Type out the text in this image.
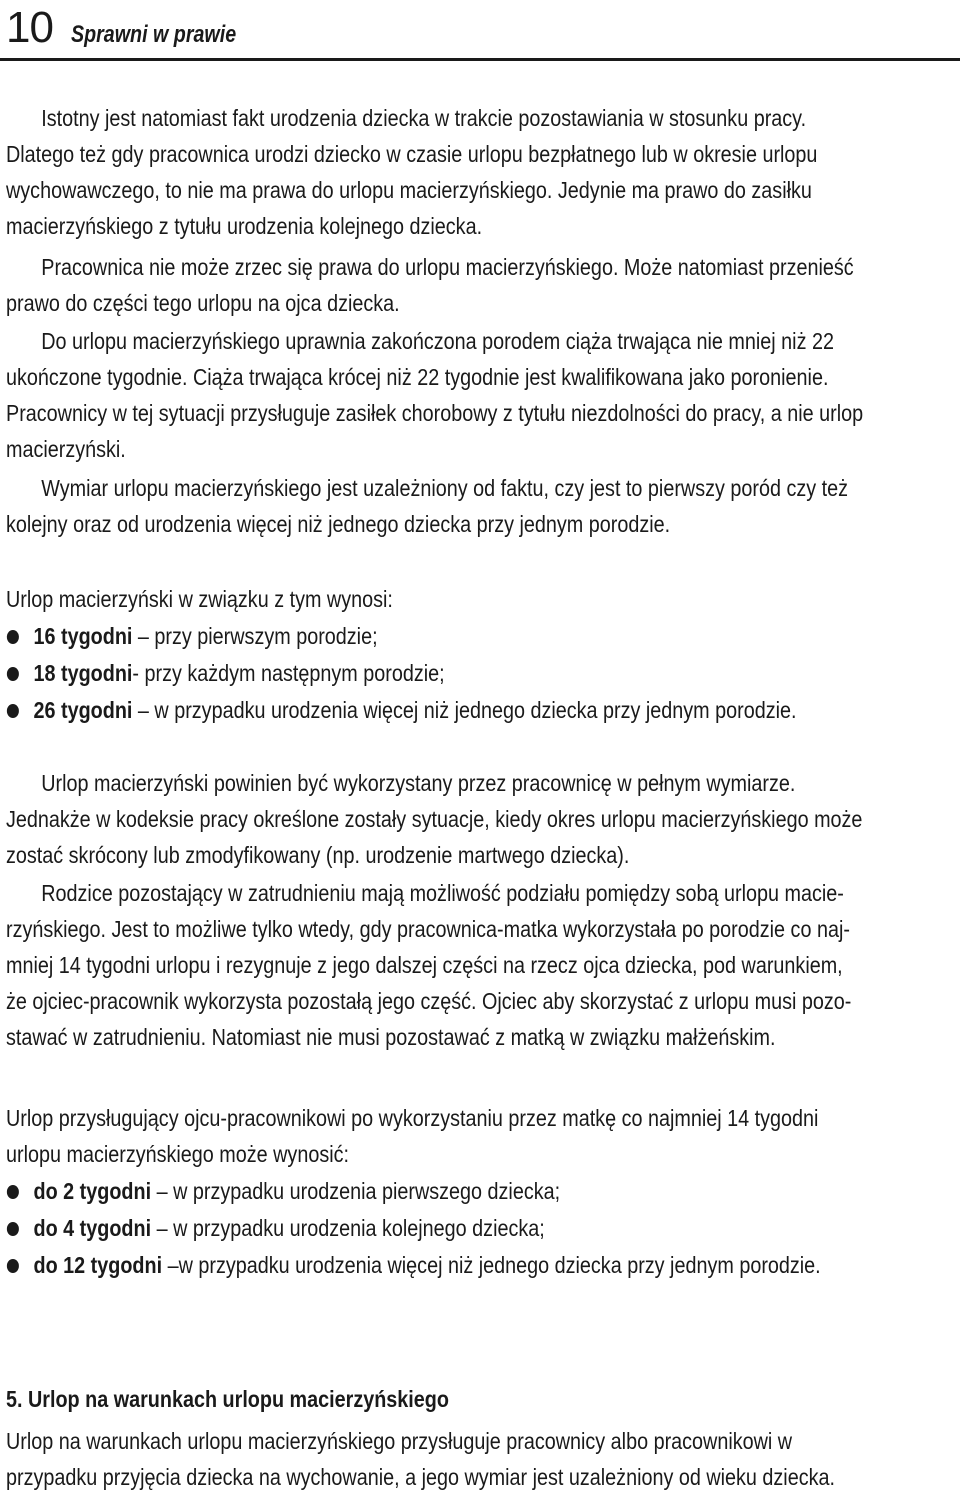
10 Sprawni w prawie

Istotny jest natomiast fakt urodzenia dziecka w trakcie pozostawiania w stosunku pracy.
Dlatego też gdy pracownica urodzi dziecko w czasie urlopu bezpłatnego lub w okresie urlopu
wychowawczego, to nie ma prawa do urlopu macierzyńskiego. Jedynie ma prawo do zasiłku
macierzyńskiego z tytułu urodzenia kolejnego dziecka.

Pracownica nie może zrzec się prawa do urlopu macierzyńskiego. Może natomiast przenieść
prawo do części tego urlopu na ojca dziecka.

Do urlopu macierzyńskiego uprawnia zakończona porodem ciąża trwająca nie mniej niż 22
ukończone tygodnie. Ciąża trwająca krócej niż 22 tygodnie jest kwalifikowana jako poronienie.
Pracownicy w tej sytuacji przysługuje zasiłek chorobowy z tytułu niezdolności do pracy, a nie urlop
macierzyński.

Wymiar urlopu macierzyńskiego jest uzależniony od faktu, czy jest to pierwszy poród czy też
kolejny oraz od urodzenia więcej niż jednego dziecka przy jednym porodzie.

Urlop macierzyński w związku z tym wynosi:

16 tygodni – przy pierwszym porodzie;
18 tygodni- przy każdym następnym porodzie;
26 tygodni – w przypadku urodzenia więcej niż jednego dziecka przy jednym porodzie.

Urlop macierzyński powinien być wykorzystany przez pracownicę w pełnym wymiarze.
Jednakże w kodeksie pracy określone zostały sytuacje, kiedy okres urlopu macierzyńskiego może
zostać skrócony lub zmodyfikowany (np. urodzenie martwego dziecka).

Rodzice pozostający w zatrudnieniu mają możliwość podziału pomiędzy sobą urlopu macie-
rzyńskiego. Jest to możliwe tylko wtedy, gdy pracownica-matka wykorzystała po porodzie co naj-
mniej 14 tygodni urlopu i rezygnuje z jego dalszej części na rzecz ojca dziecka, pod warunkiem,
że ojciec-pracownik wykorzysta pozostałą jego część. Ojciec aby skorzystać z urlopu musi pozo-
stawać w zatrudnieniu. Natomiast nie musi pozostawać z matką w związku małżeńskim.

Urlop przysługujący ojcu-pracownikowi po wykorzystaniu przez matkę co najmniej 14 tygodni
urlopu macierzyńskiego może wynosić:

do 2 tygodni – w przypadku urodzenia pierwszego dziecka;
do 4 tygodni – w przypadku urodzenia kolejnego dziecka;
do 12 tygodni –w przypadku urodzenia więcej niż jednego dziecka przy jednym porodzie.

5. Urlop na warunkach urlopu macierzyńskiego

Urlop na warunkach urlopu macierzyńskiego przysługuje pracownicy albo pracownikowi w
przypadku przyjęcia dziecka na wychowanie, a jego wymiar jest uzależniony od wieku dziecka.
